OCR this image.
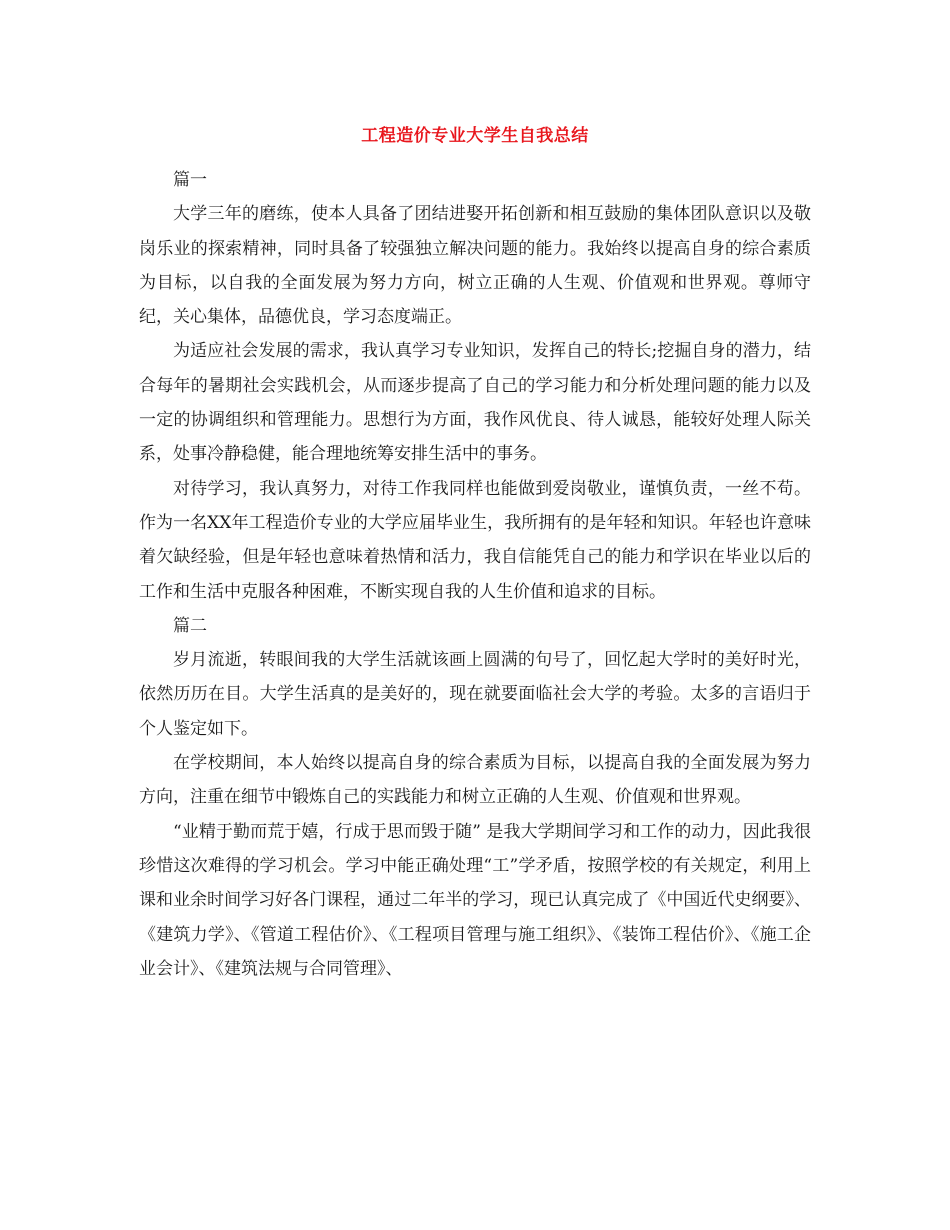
工程造价专业大学生自我总结

篇一

大学三年的磨练，使本人具备了团结进娶开拓创新和相互鼓励的集体团队意识以及敬岗乐业的探索精神，同时具备了较强独立解决问题的能力。我始终以提高自身的综合素质为目标，以自我的全面发展为努力方向，树立正确的人生观、价值观和世界观。尊师守纪，关心集体，品德优良，学习态度端正。

为适应社会发展的需求，我认真学习专业知识，发挥自己的特长;挖掘自身的潜力，结合每年的暑期社会实践机会，从而逐步提高了自己的学习能力和分析处理问题的能力以及一定的协调组织和管理能力。思想行为方面，我作风优良、待人诚恳，能较好处理人际关系，处事冷静稳健，能合理地统筹安排生活中的事务。

对待学习，我认真努力，对待工作我同样也能做到爱岗敬业，谨慎负责，一丝不苟。作为一名XX年工程造价专业的大学应届毕业生，我所拥有的是年轻和知识。年轻也许意味着欠缺经验，但是年轻也意味着热情和活力，我自信能凭自己的能力和学识在毕业以后的工作和生活中克服各种困难，不断实现自我的人生价值和追求的目标。

篇二

岁月流逝，转眼间我的大学生活就该画上圆满的句号了，回忆起大学时的美好时光，依然历历在目。大学生活真的是美好的，现在就要面临社会大学的考验。太多的言语归于个人鉴定如下。

在学校期间，本人始终以提高自身的综合素质为目标，以提高自我的全面发展为努力方向，注重在细节中锻炼自己的实践能力和树立正确的人生观、价值观和世界观。

“业精于勤而荒于嬉，行成于思而毁于随” 是我大学期间学习和工作的动力，因此我很珍惜这次难得的学习机会。学习中能正确处理“工”学矛盾，按照学校的有关规定，利用上课和业余时间学习好各门课程，通过二年半的学习，现已认真完成了《中国近代史纲要》、《建筑力学》、《管道工程估价》、《工程项目管理与施工组织》、《装饰工程估价》、《施工企业会计》、《建筑法规与合同管理》、
